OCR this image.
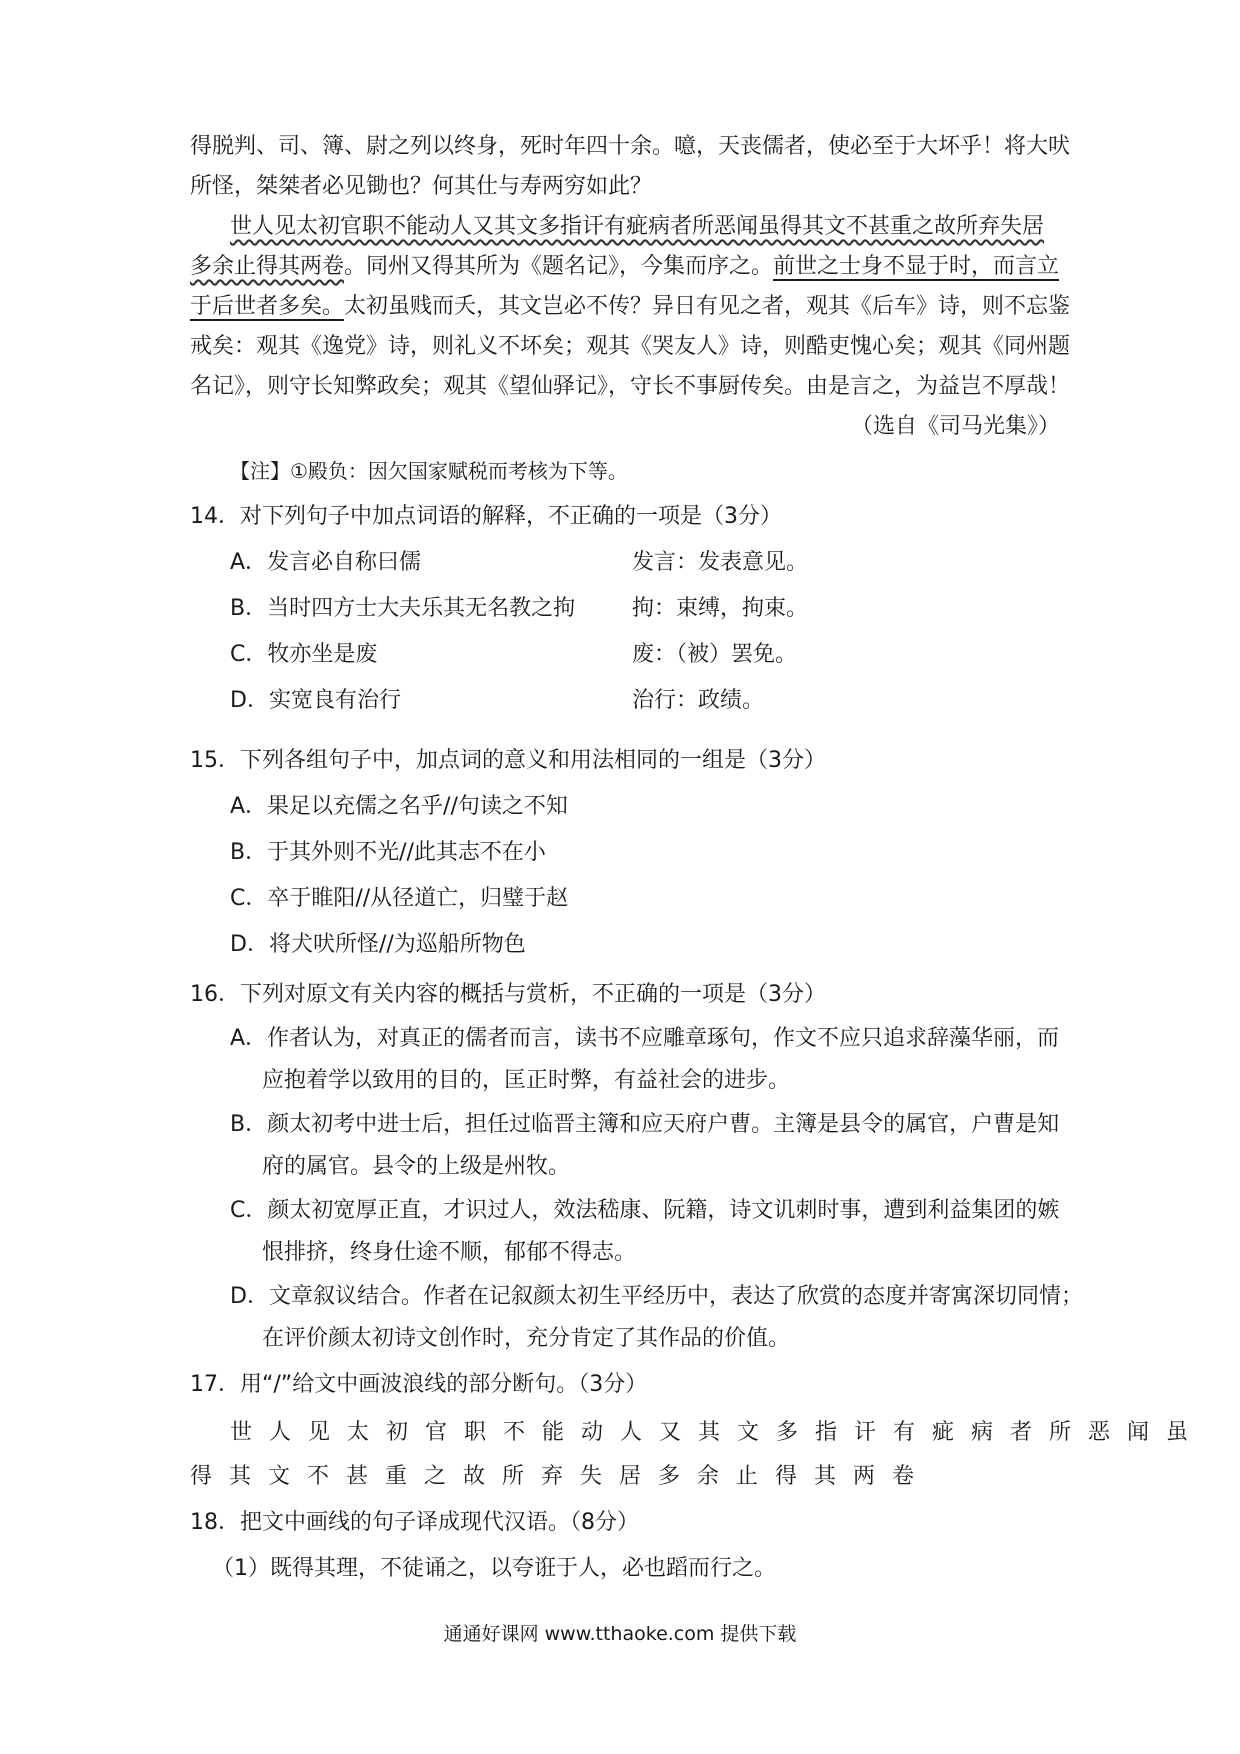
得脱判、司、簿、尉之列以终身，死时年四十余。噫，天丧儒者，使必至于大坏乎！将大吠
所怪，桀桀者必见锄也？何其仕与寿两穷如此？
世人见太初官职不能动人又其文多指讦有疵病者所恶闻虽得其文不甚重之故所弃失居
多余止得其两卷。同州又得其所为《题名记》，今集而序之。前世之士身不显于时，而言立
于后世者多矣。太初虽贱而夭，其文岂必不传？异日有见之者，观其《后车》诗，则不忘鉴
戒矣：观其《逸党》诗，则礼义不坏矣；观其《哭友人》诗，则酷吏愧心矣；观其《同州题
名记》，则守长知弊政矣；观其《望仙驿记》，守长不事厨传矣。由是言之，为益岂不厚哉！
（选自《司马光集》）
【注】①殿负：因欠国家赋税而考核为下等。
14．对下列句子中加点词语的解释，不正确的一项是（3分）
A．发言必自称曰儒	发言：发表意见。
B．当时四方士大夫乐其无名教之拘	拘：束缚，拘束。
C．牧亦坐是废	废：（被）罢免。
D．实宽良有治行	治行：政绩。
15．下列各组句子中，加点词的意义和用法相同的一组是（3分）
A．果足以充儒之名乎//句读之不知
B．于其外则不光//此其志不在小
C．卒于睢阳//从径道亡，归璧于赵
D．将犬吠所怪//为巡船所物色
16．下列对原文有关内容的概括与赏析，不正确的一项是（3分）
A．作者认为，对真正的儒者而言，读书不应雕章琢句，作文不应只追求辞藻华丽，而
应抱着学以致用的目的，匡正时弊，有益社会的进步。
B．颜太初考中进士后，担任过临晋主簿和应天府户曹。主簿是县令的属官，户曹是知
府的属官。县令的上级是州牧。
C．颜太初宽厚正直，才识过人，效法嵇康、阮籍，诗文讥刺时事，遭到利益集团的嫉
恨排挤，终身仕途不顺，郁郁不得志。
D．文章叙议结合。作者在记叙颜太初生平经历中，表达了欣赏的态度并寄寓深切同情；
在评价颜太初诗文创作时，充分肯定了其作品的价值。
17．用“/”给文中画波浪线的部分断句。（3分）
世人见太初官职不能动人又其文多指讦有疵病者所恶闻虽
得其文不甚重之故所弃失居多余止得其两卷
18．把文中画线的句子译成现代汉语。（8分）
（1）既得其理，不徒诵之，以夸诳于人，必也蹈而行之。
通通好课网 www.tthaoke.com 提供下载
